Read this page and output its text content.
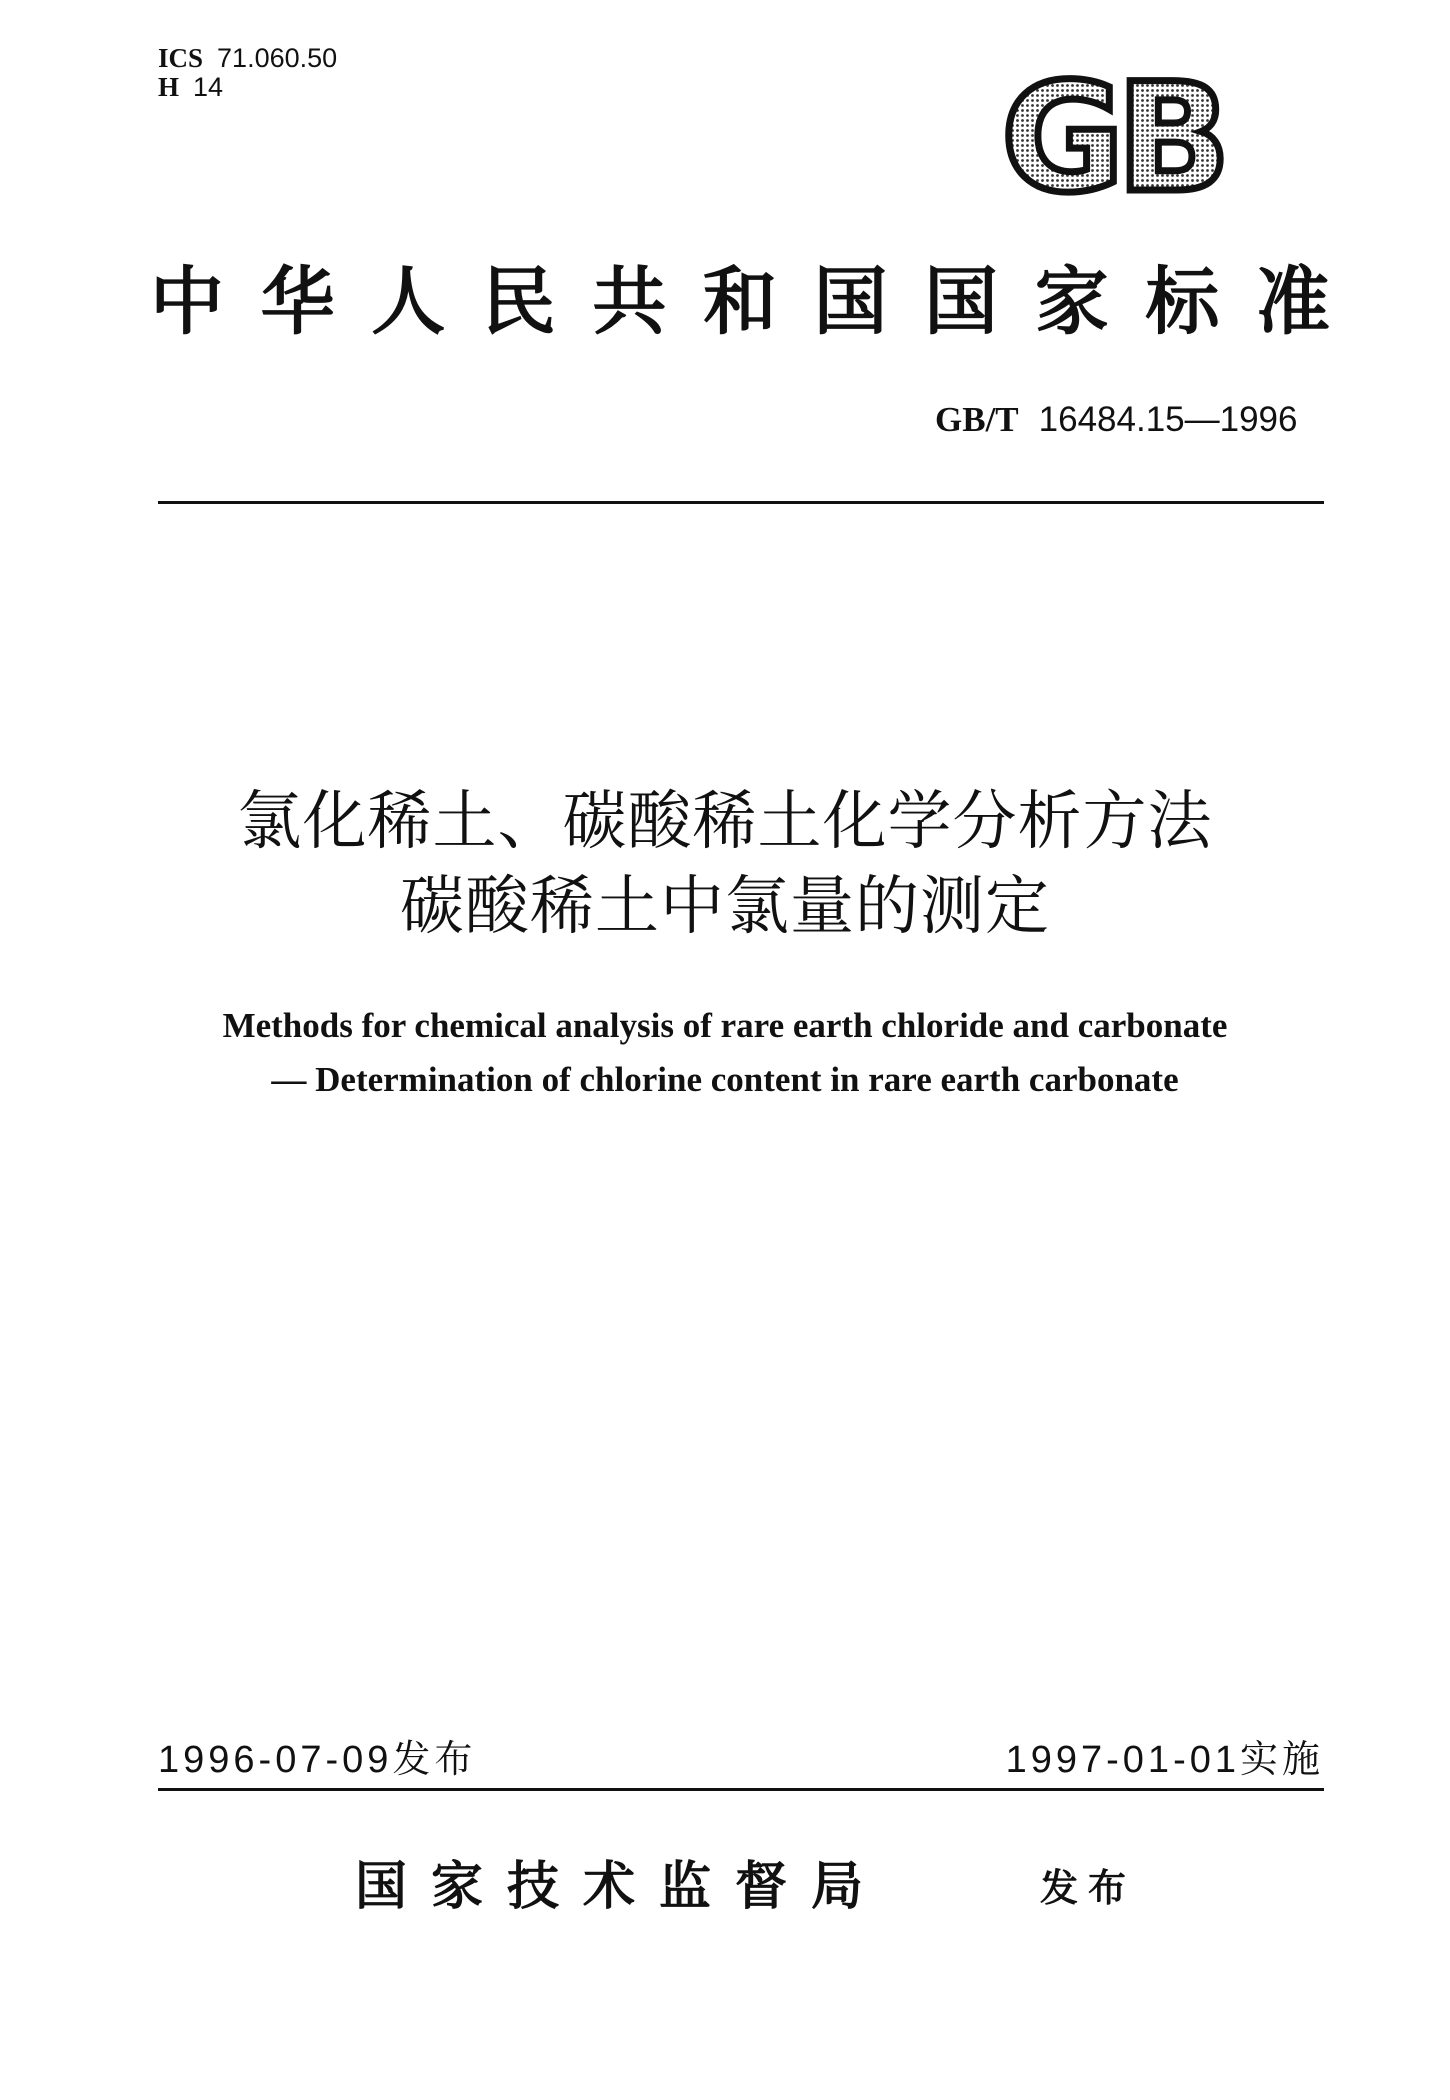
ICS 71.060.50
H 14	GB
中 华 人 民 共 和 国 国 家 标 准
GB/T 16484.15—1996
氯化稀土、碳酸稀土化学分析方法
碳酸稀土中氯量的测定
Methods for chemical analysis of rare earth chloride and carbonate
— Determination of chlorine content in rare earth carbonate
1996-07-09发布	1997-01-01实施
国家技术监督局	发布
